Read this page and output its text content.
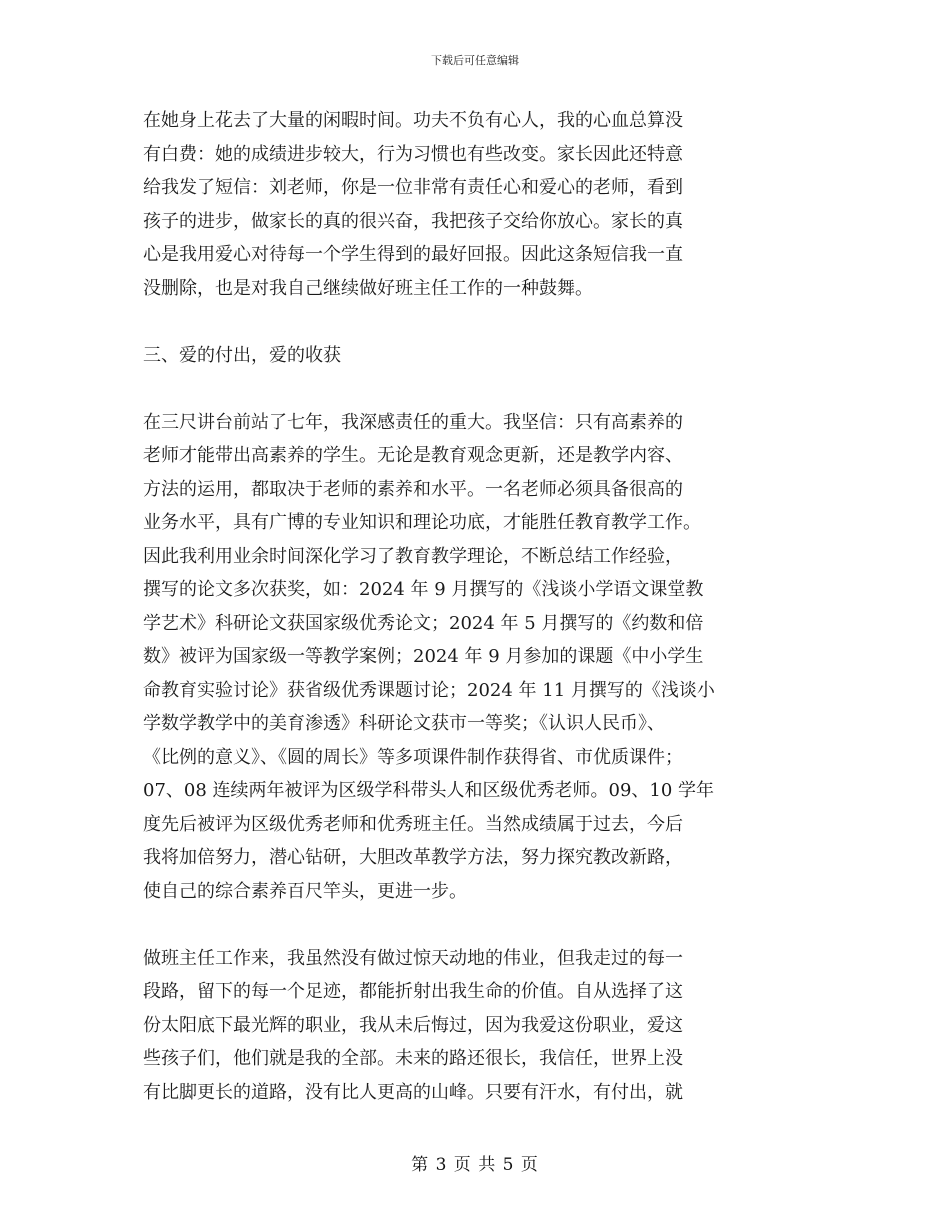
下载后可任意编辑
在她身上花去了大量的闲暇时间。功夫不负有心人，我的心血总算没
有白费：她的成绩进步较大，行为习惯也有些改变。家长因此还特意
给我发了短信：刘老师，你是一位非常有责任心和爱心的老师，看到
孩子的进步，做家长的真的很兴奋，我把孩子交给你放心。家长的真
心是我用爱心对待每一个学生得到的最好回报。因此这条短信我一直
没删除，也是对我自己继续做好班主任工作的一种鼓舞。
三、爱的付出，爱的收获
在三尺讲台前站了七年，我深感责任的重大。我坚信：只有高素养的
老师才能带出高素养的学生。无论是教育观念更新，还是教学内容、
方法的运用，都取决于老师的素养和水平。一名老师必须具备很高的
业务水平，具有广博的专业知识和理论功底，才能胜任教育教学工作。
因此我利用业余时间深化学习了教育教学理论，不断总结工作经验，
撰写的论文多次获奖，如：2024 年 9 月撰写的《浅谈小学语文课堂教
学艺术》科研论文获国家级优秀论文；2024 年 5 月撰写的《约数和倍
数》被评为国家级一等教学案例；2024 年 9 月参加的课题《中小学生
命教育实验讨论》获省级优秀课题讨论；2024 年 11 月撰写的《浅谈小
学数学教学中的美育渗透》科研论文获市一等奖；《认识人民币》、
《比例的意义》、《圆的周长》等多项课件制作获得省、市优质课件；
07、08 连续两年被评为区级学科带头人和区级优秀老师。09、10 学年
度先后被评为区级优秀老师和优秀班主任。当然成绩属于过去，今后
我将加倍努力，潜心钻研，大胆改革教学方法，努力探究教改新路，
使自己的综合素养百尺竿头，更进一步。
做班主任工作来，我虽然没有做过惊天动地的伟业，但我走过的每一
段路，留下的每一个足迹，都能折射出我生命的价值。自从选择了这
份太阳底下最光辉的职业，我从未后悔过，因为我爱这份职业，爱这
些孩子们，他们就是我的全部。未来的路还很长，我信任，世界上没
有比脚更长的道路，没有比人更高的山峰。只要有汗水，有付出，就
第 3 页 共 5 页
